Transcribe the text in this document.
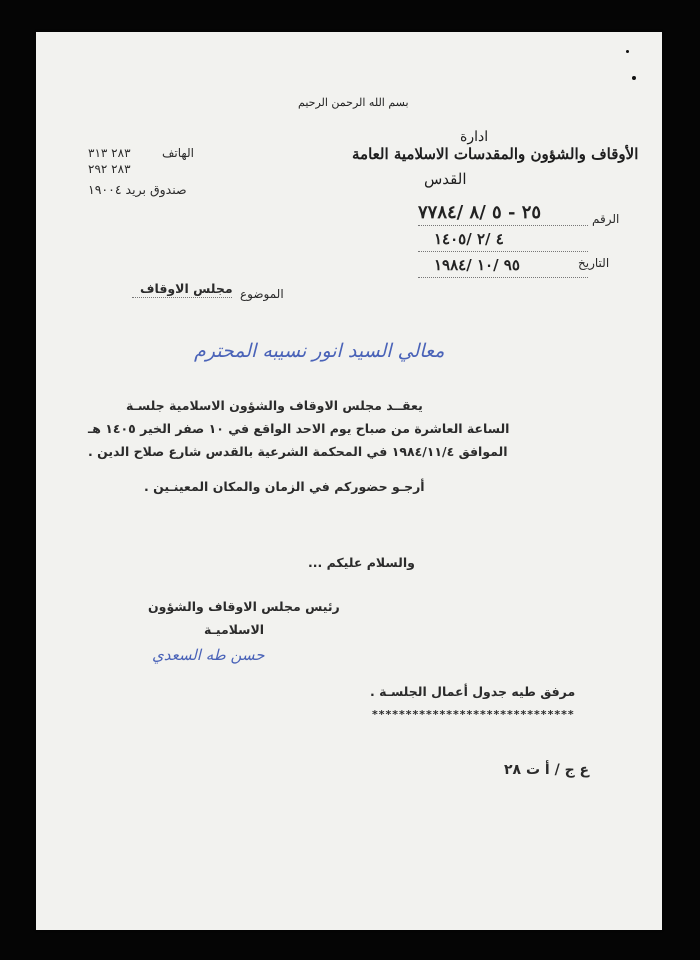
بسم الله الرحمن الرحيم
ادارة
الأوقاف والشؤون والمقدسات الاسلامية العامة
القدس
الهاتف
٢٨٣ ٣١٣
٢٨٣ ٢٩٢
صندوق بريد ١٩٠٠٤
الرقم
٢٥ - ٥ /٨ /٧٧٨٤
٤ /٢ /١٤٠٥
التاريخ
٩٥ /١٠ /١٩٨٤
الموضوع
مجلس الاوقاف
معالي السيد انور نسيبه المحترم
يعقــد مجلس الاوقاف والشؤون الاسلامية جلسـة
الساعة العاشرة من صباح يوم الاحد الواقع في ١٠ صفر الخير ١٤٠٥ هـ
الموافق ١٩٨٤/١١/٤ في المحكمة الشرعية بالقدس شارع صلاح الدين .
أرجـو حضوركم في الزمان والمكان المعينـين .
والسلام عليكم ...
رئيس مجلس الاوقاف والشؤون
الاسلاميـة
حسن طه السعدي
مرفق طيه جدول أعمال الجلسـة .
******************************
ع ج / أ ت ٢٨
